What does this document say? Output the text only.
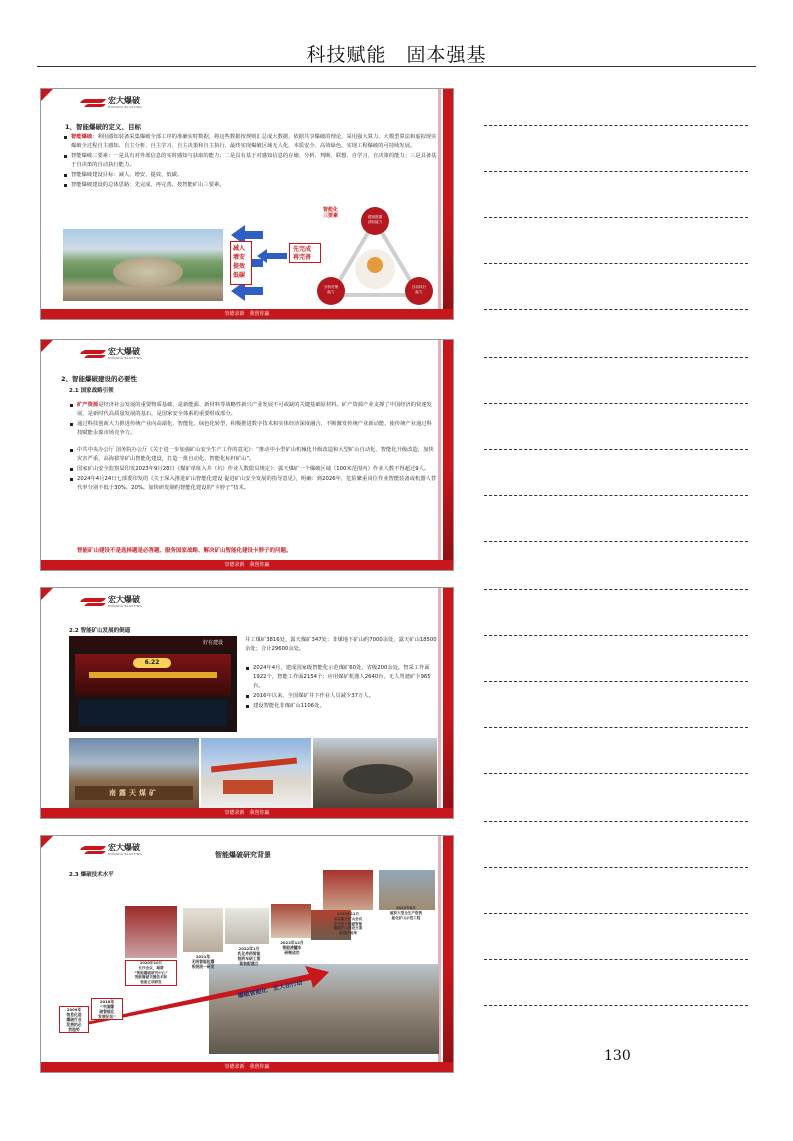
科技赋能　固本强基
宏大爆破
HONGDA BLASTING
1、智能爆破的定义、目标

智能爆破：利用感知装备采集爆破全部工序的准确实时数据，将这些数据按规则汇总成大数据，依据共享爆破的理论，采用强大算力、大模型算法和虚拟现实爆破全过程自主感知、自主分析、自主学习、自主决策和自主执行，最终实现爆破区域无人化、本质安全、高效绿色，实现工程爆破的可持续发展。

智能爆破三要素：一是具有对外部信息的实时感知与获取的能力；二是具有基于对感知信息的存储、分析、判断、联想、自学习、自决策的能力；三是具备基于自决策的自动执行能力。

智能爆破建设目标：减人、增安、提效、低碳。

智能爆破建设的总体思路：先完成、再完善。按智能矿山三要素。

减人
增安
提效
低碳
先完成
再完善
智能化
三要素	感知数据
获取能力
分析决策
能力
自动执行
能力
崇德求新　我创你赢
宏大爆破
HONGDA BLASTING
2、智能爆破建设的必要性
2.1 国家战略引领

矿产资源是经济社会发展的重要物质基础，是新能源、新材料等战略性新兴产业发展不可或缺的关键基础原材料。矿产资源产业支撑了中国经济的快速发展，是新时代高质量发展的基石，是国家安全体系的重要组成部分。

通过科技创新大力推进传统产业向高端化、智能化、绿色化转型，积极推进数字技术和实体经济深度融合，不断激发传统产业新动能，使传统产业通过科技赋能永葆市场竞争力。

中共中央办公厅 国务院办公厅《关于进一步加强矿山安全生产工作的意见》：“推动中小型矿山机械化升级改造和大型矿山自动化、智能化升级改造，加快灾害严重、高海拔等矿山智能化建设，打造一批自动化、智能化标杆矿山”。

国家矿山安全监察局印发2023年9月28日《煤矿单班入井（坑）作业人数限员规定》：露天煤矿一个爆破区域（100米范围内）作业人数不得超过9人。

2024年4月24日七部委印发的《关于深入推进矿山智能化建设 促进矿山安全发展的指导意见》，明确：到2026年，危险繁重岗位作业智能装备或机器人替代率分别不低于30%、20%。加快研发制约智能化建设的“卡脖子”技术。

智能矿山建设不是选择题是必答题、服务国家战略、解决矿山智能化建设卡脖子的问题。
崇德求新　我创你赢
宏大爆破
HONGDA BLASTING
2.2 智能矿山发展的倒逼
6.22
好在建设	井工煤矿3816处、露天煤矿347处；非煤地下矿山约7000余处、露天矿山18500余处；合计29600余处。

2024年4月，建成国家级智能化示范煤矿60处，省级200余处。智采工作面1922个，智能工作面2154个；应用煤矿机器人2640台，无人驾驶矿卡965台。

2016年以来，全国煤矿井下作业人员减少37万人。

建设智能化非煤矿山1106处。

南露天煤矿
崇德求新　我创你赢
宏大爆破
HONGDA BLASTING	智能爆破研究背景
2.3 爆破技术水平
爆破智能化　宏大在行动
2009年
信息化追
爆破行业
发展的必
然趋势
2018年
“中国爆
破智能化
发展论坛”
2020年10月
长沙会议，揭牌
“智能爆破研究中心”
智能爆破关键技术和
装备立项研发
2021年
无线智能起爆
系统统一研发
2022年1月
乳化炸药智能
装药车研工智
能装配建立
2022年12月
智能液罐车
研制成功
2022年11月
首届露天矿山会议
发布宏大爆破智能
爆破矿山建设方案
取得的成果
2023年8月
破获大型全生产级智
能化矿山示范工程
崇德求新　我创你赢
130
